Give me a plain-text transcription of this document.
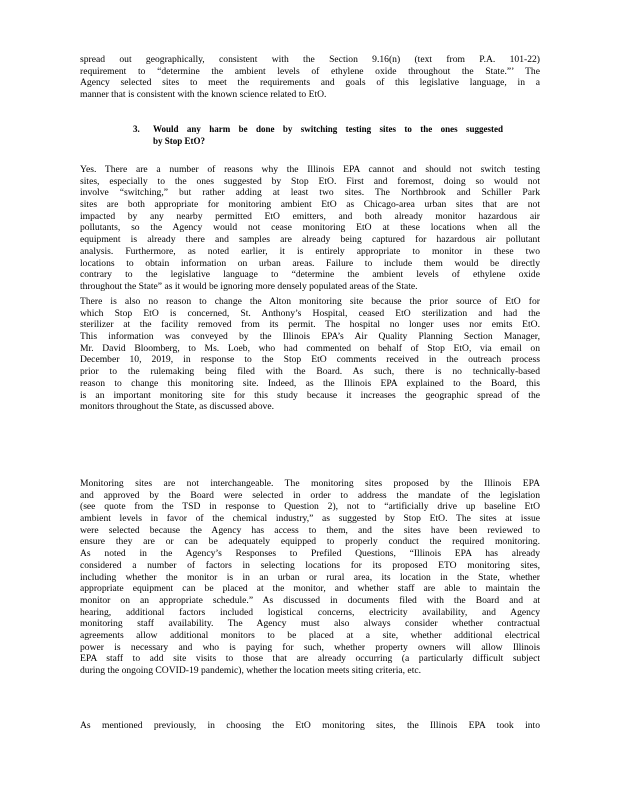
spread out geographically, consistent with the Section 9.16(n) (text from P.A. 101-22)
requirement to “determine the ambient levels of ethylene oxide throughout the State.”’ The
Agency selected sites to meet the requirements and goals of this legislative language, in a
manner that is consistent with the known science related to EtO.

3. Would any harm be done by switching testing sites to the ones suggested
by Stop EtO?

Yes. There are a number of reasons why the Illinois EPA cannot and should not switch testing
sites, especially to the ones suggested by Stop EtO. First and foremost, doing so would not
involve “switching,” but rather adding at least two sites. The Northbrook and Schiller Park
sites are both appropriate for monitoring ambient EtO as Chicago-area urban sites that are not
impacted by any nearby permitted EtO emitters, and both already monitor hazardous air
pollutants, so the Agency would not cease monitoring EtO at these locations when all the
equipment is already there and samples are already being captured for hazardous air pollutant
analysis. Furthermore, as noted earlier, it is entirely appropriate to monitor in these two
locations to obtain information on urban areas. Failure to include them would be directly
contrary to the legislative language to “determine the ambient levels of ethylene oxide
throughout the State” as it would be ignoring more densely populated areas of the State.

There is also no reason to change the Alton monitoring site because the prior source of EtO for
which Stop EtO is concerned, St. Anthony’s Hospital, ceased EtO sterilization and had the
sterilizer at the facility removed from its permit. The hospital no longer uses nor emits EtO.
This information was conveyed by the Illinois EPA’s Air Quality Planning Section Manager,
Mr. David Bloomberg, to Ms. Loeb, who had commented on behalf of Stop EtO, via email on
December 10, 2019, in response to the Stop EtO comments received in the outreach process
prior to the rulemaking being filed with the Board. As such, there is no technically-based
reason to change this monitoring site. Indeed, as the Illinois EPA explained to the Board, this
is an important monitoring site for this study because it increases the geographic spread of the
monitors throughout the State, as discussed above.

Monitoring sites are not interchangeable. The monitoring sites proposed by the Illinois EPA
and approved by the Board were selected in order to address the mandate of the legislation
(see quote from the TSD in response to Question 2), not to “artificially drive up baseline EtO
ambient levels in favor of the chemical industry,” as suggested by Stop EtO. The sites at issue
were selected because the Agency has access to them, and the sites have been reviewed to
ensure they are or can be adequately equipped to properly conduct the required monitoring.
As noted in the Agency’s Responses to Prefiled Questions, “Illinois EPA has already
considered a number of factors in selecting locations for its proposed ETO monitoring sites,
including whether the monitor is in an urban or rural area, its location in the State, whether
appropriate equipment can be placed at the monitor, and whether staff are able to maintain the
monitor on an appropriate schedule.” As discussed in documents filed with the Board and at
hearing, additional factors included logistical concerns, electricity availability, and Agency
monitoring staff availability. The Agency must also always consider whether contractual
agreements allow additional monitors to be placed at a site, whether additional electrical
power is necessary and who is paying for such, whether property owners will allow Illinois
EPA staff to add site visits to those that are already occurring (a particularly difficult subject
during the ongoing COVID-19 pandemic), whether the location meets siting criteria, etc.

As mentioned previously, in choosing the EtO monitoring sites, the Illinois EPA took into
